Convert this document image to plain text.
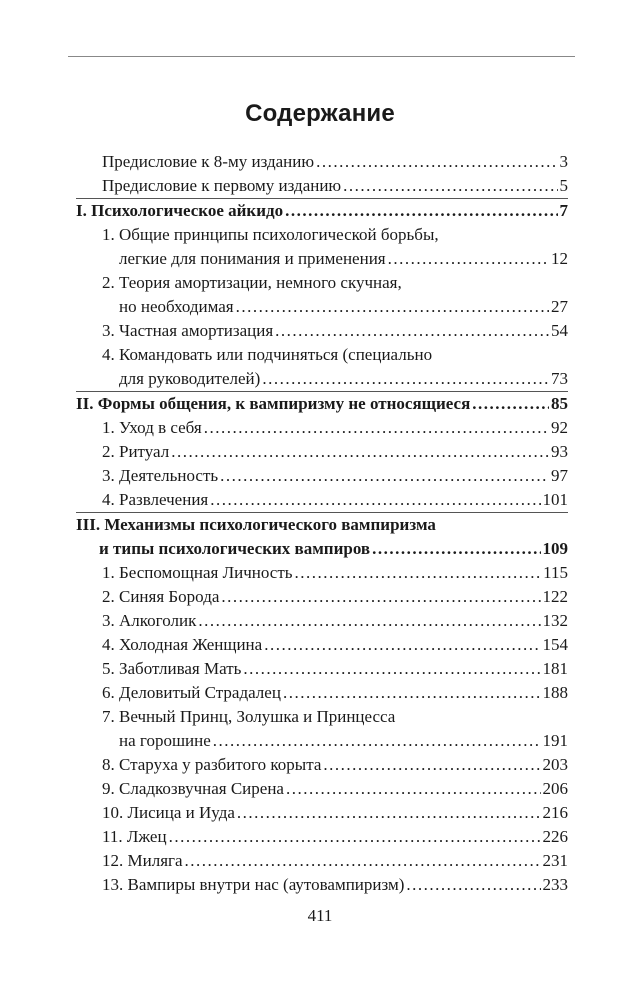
Содержание
Предисловие к 8-му изданию .....	3
Предисловие к первому изданию .....	5
I. Психологическое айкидо .....	7
1. Общие принципы психологической борьбы,
легкие для понимания и применения .....	12
2. Теория амортизации, немного скучная,
но необходимая .....	27
3. Частная амортизация .....	54
4. Командовать или подчиняться (специально
для руководителей) .....	73
II. Формы общения, к вампиризму не относящиеся .....	85
1. Уход в себя .....	92
2. Ритуал .....	93
3. Деятельность .....	97
4. Развлечения .....	101
III. Механизмы психологического вампиризма
и типы психологических вампиров .....	109
1. Беспомощная Личность .....	115
2. Синяя Борода .....	122
3. Алкоголик .....	132
4. Холодная Женщина .....	154
5. Заботливая Мать .....	181
6. Деловитый Страдалец .....	188
7. Вечный Принц, Золушка и Принцесса
на горошине .....	191
8. Старуха у разбитого корыта .....	203
9. Сладкозвучная Сирена .....	206
10. Лисица и Иуда .....	216
11. Лжец .....	226
12. Миляга .....	231
13. Вампиры внутри нас (аутовампиризм) .....	233
411
